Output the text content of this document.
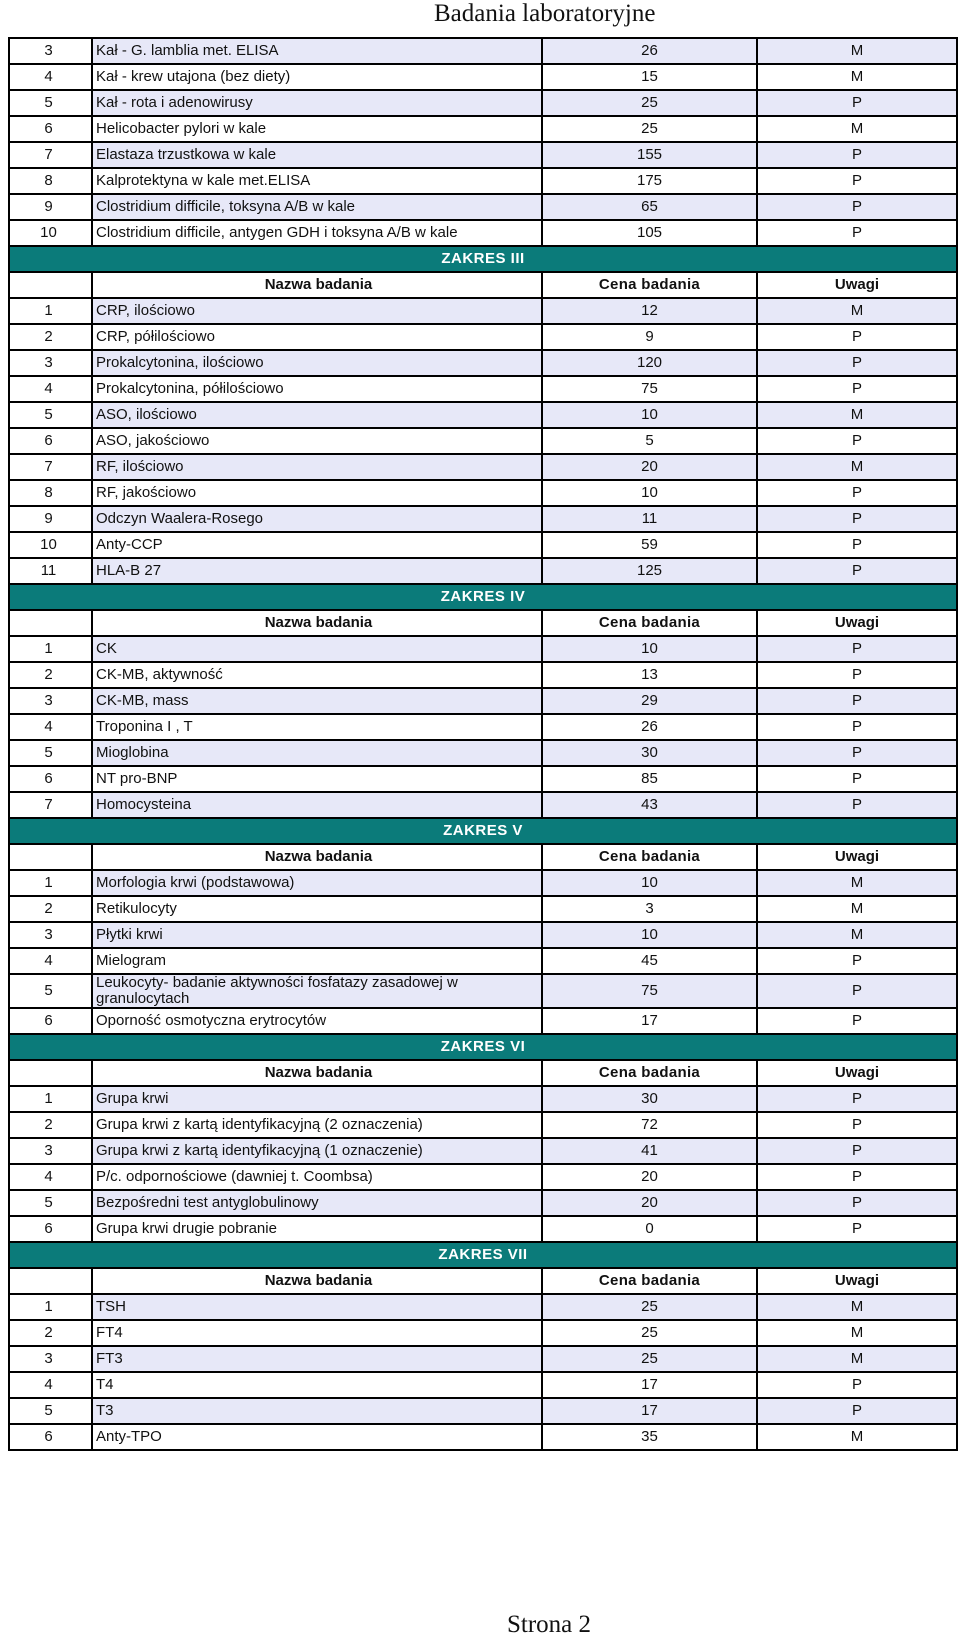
Badania laboratoryjne
3	Kał - G. lamblia met. ELISA	26	M
4	Kał - krew utajona (bez diety)	15	M
5	Kał - rota i adenowirusy	25	P
6	Helicobacter pylori w kale	25	M
7	Elastaza trzustkowa w kale	155	P
8	Kalprotektyna w kale met.ELISA	175	P
9	Clostridium difficile, toksyna A/B w kale	65	P
10	Clostridium difficile, antygen GDH i toksyna A/B w kale	105	P
ZAKRES III			
	Nazwa badania	Cena badania	Uwagi
1	CRP, ilościowo	12	M
2	CRP, półilościowo	9	P
3	Prokalcytonina, ilościowo	120	P
4	Prokalcytonina, półilościowo	75	P
5	ASO, ilościowo	10	M
6	ASO, jakościowo	5	P
7	RF, ilościowo	20	M
8	RF, jakościowo	10	P
9	Odczyn Waalera-Rosego	11	P
10	Anty-CCP	59	P
11	HLA-B 27	125	P
ZAKRES IV			
	Nazwa badania	Cena badania	Uwagi
1	CK	10	P
2	CK-MB, aktywność	13	P
3	CK-MB, mass	29	P
4	Troponina I , T	26	P
5	Mioglobina	30	P
6	NT pro-BNP	85	P
7	Homocysteina	43	P
ZAKRES V			
	Nazwa badania	Cena badania	Uwagi
1	Morfologia krwi (podstawowa)	10	M
2	Retikulocyty	3	M
3	Płytki krwi	10	M
4	Mielogram	45	P
5	Leukocyty- badanie aktywności fosfatazy zasadowej w granulocytach	75	P
6	Oporność osmotyczna erytrocytów	17	P
ZAKRES VI			
	Nazwa badania	Cena badania	Uwagi
1	Grupa krwi	30	P
2	Grupa krwi z kartą identyfikacyjną (2 oznaczenia)	72	P
3	Grupa krwi z kartą identyfikacyjną (1 oznaczenie)	41	P
4	P/c. odpornościowe (dawniej t. Coombsa)	20	P
5	Bezpośredni test antyglobulinowy	20	P
6	Grupa krwi drugie pobranie	0	P
ZAKRES VII			
	Nazwa badania	Cena badania	Uwagi
1	TSH	25	M
2	FT4	25	M
3	FT3	25	M
4	T4	17	P
5	T3	17	P
6	Anty-TPO	35	M
Strona 2
